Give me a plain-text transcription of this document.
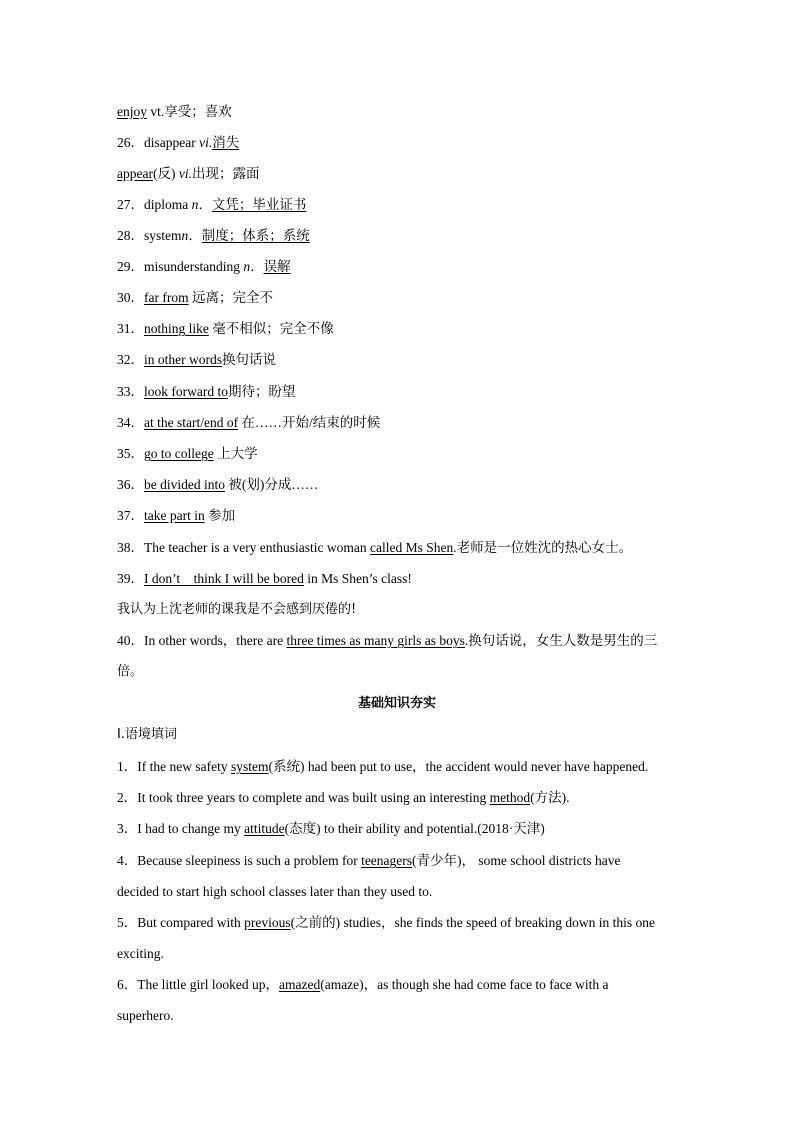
enjoy vt.享受；喜欢
26．disappear vi.消失
appear(反) vi.出现；露面
27．diploma n．文凭；毕业证书
28．systemn．制度；体系；系统
29．misunderstanding n．误解
30．far from 远离；完全不
31．nothing like 毫不相似；完全不像
32．in other words换句话说
33．look forward to期待；盼望
34．at the start/end of 在……开始/结束的时候
35．go to college 上大学
36．be divided into 被(划)分成……
37．take part in 参加
38．The teacher is a very enthusiastic woman called Ms Shen.老师是一位姓沈的热心女士。
39．I don’t　think I will be bored in Ms Shen’s class!
我认为上沈老师的课我是不会感到厌倦的!
40．In other words，there are three times as many girls as boys.换句话说，女生人数是男生的三
倍。
基础知识夯实
Ⅰ.语境填词
1．If the new safety system(系统) had been put to use，the accident would never have happened.
2．It took three years to complete and was built using an interesting method(方法).
3．I had to change my attitude(态度) to their ability and potential.(2018·天津)
4．Because sleepiness is such a problem for teenagers(青少年)， some school districts have
decided to start high school classes later than they used to.
5．But compared with previous(之前的) studies，she finds the speed of breaking down in this one
exciting.
6．The little girl looked up，amazed(amaze)，as though she had come face to face with a
superhero.
